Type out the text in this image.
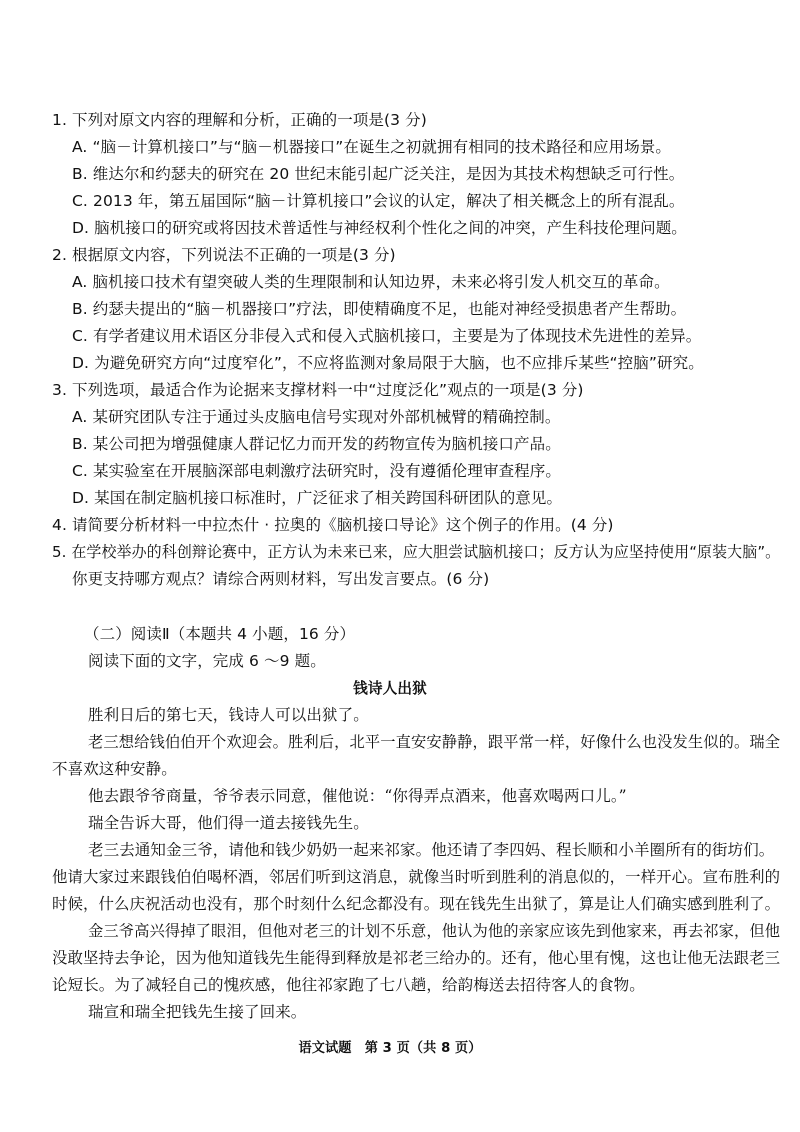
1. 下列对原文内容的理解和分析，正确的一项是(3 分)
A. “脑－计算机接口”与“脑－机器接口”在诞生之初就拥有相同的技术路径和应用场景。
B. 维达尔和约瑟夫的研究在 20 世纪末能引起广泛关注，是因为其技术构想缺乏可行性。
C. 2013 年，第五届国际“脑－计算机接口”会议的认定，解决了相关概念上的所有混乱。
D. 脑机接口的研究或将因技术普适性与神经权利个性化之间的冲突，产生科技伦理问题。
2. 根据原文内容，下列说法不正确的一项是(3 分)
A. 脑机接口技术有望突破人类的生理限制和认知边界，未来必将引发人机交互的革命。
B. 约瑟夫提出的“脑－机器接口”疗法，即使精确度不足，也能对神经受损患者产生帮助。
C. 有学者建议用术语区分非侵入式和侵入式脑机接口，主要是为了体现技术先进性的差异。
D. 为避免研究方向“过度窄化”，不应将监测对象局限于大脑，也不应排斥某些“控脑”研究。
3. 下列选项，最适合作为论据来支撑材料一中“过度泛化”观点的一项是(3 分)
A. 某研究团队专注于通过头皮脑电信号实现对外部机械臂的精确控制。
B. 某公司把为增强健康人群记忆力而开发的药物宣传为脑机接口产品。
C. 某实验室在开展脑深部电刺激疗法研究时，没有遵循伦理审查程序。
D. 某国在制定脑机接口标准时，广泛征求了相关跨国科研团队的意见。
4. 请简要分析材料一中拉杰什 · 拉奥的《脑机接口导论》这个例子的作用。(4 分)
5. 在学校举办的科创辩论赛中，正方认为未来已来，应大胆尝试脑机接口；反方认为应坚持使用“原装大脑”。
你更支持哪方观点？请综合两则材料，写出发言要点。(6 分)
（二）阅读Ⅱ（本题共 4 小题，16 分）
阅读下面的文字，完成 6 ～9 题。
钱诗人出狱
胜利日后的第七天，钱诗人可以出狱了。
老三想给钱伯伯开个欢迎会。胜利后，北平一直安安静静，跟平常一样，好像什么也没发生似的。瑞全
不喜欢这种安静。
他去跟爷爷商量，爷爷表示同意，催他说：“你得弄点酒来，他喜欢喝两口儿。”
瑞全告诉大哥，他们得一道去接钱先生。
老三去通知金三爷，请他和钱少奶奶一起来祁家。他还请了李四妈、程长顺和小羊圈所有的街坊们。
他请大家过来跟钱伯伯喝杯酒，邻居们听到这消息，就像当时听到胜利的消息似的，一样开心。宣布胜利的
时候，什么庆祝活动也没有，那个时刻什么纪念都没有。现在钱先生出狱了，算是让人们确实感到胜利了。
金三爷高兴得掉了眼泪，但他对老三的计划不乐意，他认为他的亲家应该先到他家来，再去祁家，但他
没敢坚持去争论，因为他知道钱先生能得到释放是祁老三给办的。还有，他心里有愧，这也让他无法跟老三
论短长。为了减轻自己的愧疚感，他往祁家跑了七八趟，给韵梅送去招待客人的食物。
瑞宣和瑞全把钱先生接了回来。
语文试题　第 3 页（共 8 页）
